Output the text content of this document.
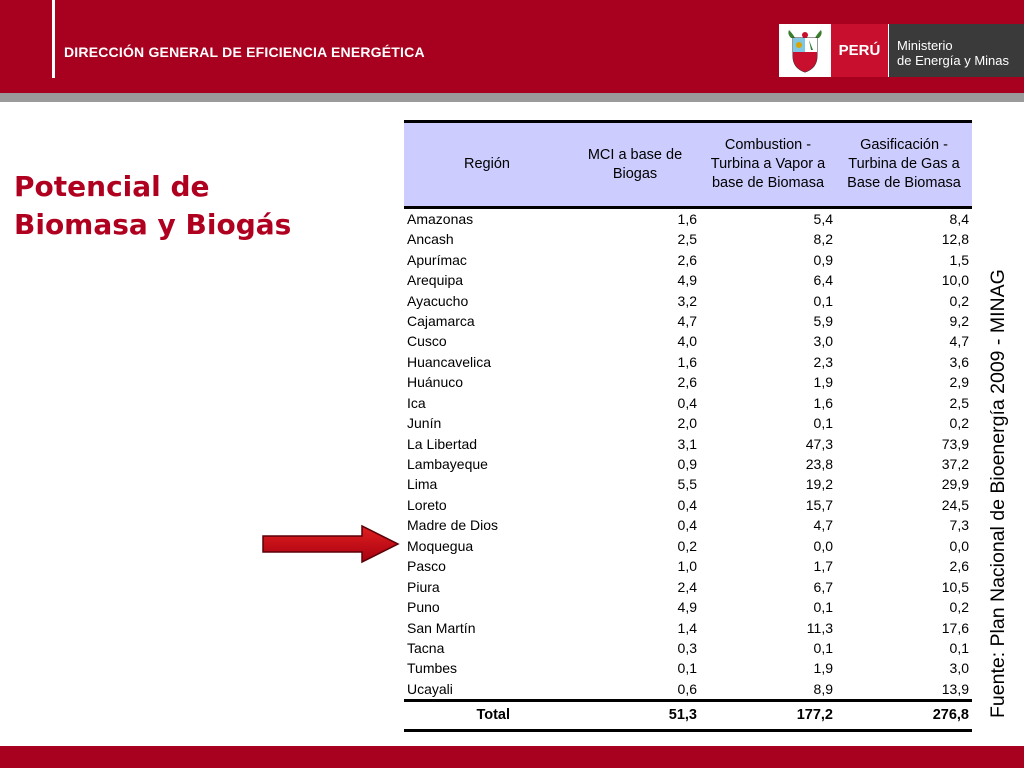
DIRECCIÓN GENERAL DE EFICIENCIA ENERGÉTICA	PERÚ	Ministerio
de Energía y Minas
Potencial de
Biomasa y Biogás
Región	MCI a base de Biogas	Combustion - Turbina a Vapor a base de Biomasa	Gasificación - Turbina de Gas a Base de Biomasa
Amazonas	1,6	5,4	8,4
Ancash	2,5	8,2	12,8
Apurímac	2,6	0,9	1,5
Arequipa	4,9	6,4	10,0
Ayacucho	3,2	0,1	0,2
Cajamarca	4,7	5,9	9,2
Cusco	4,0	3,0	4,7
Huancavelica	1,6	2,3	3,6
Huánuco	2,6	1,9	2,9
Ica	0,4	1,6	2,5
Junín	2,0	0,1	0,2
La Libertad	3,1	47,3	73,9
Lambayeque	0,9	23,8	37,2
Lima	5,5	19,2	29,9
Loreto	0,4	15,7	24,5
Madre de Dios	0,4	4,7	7,3
Moquegua	0,2	0,0	0,0
Pasco	1,0	1,7	2,6
Piura	2,4	6,7	10,5
Puno	4,9	0,1	0,2
San Martín	1,4	11,3	17,6
Tacna	0,3	0,1	0,1
Tumbes	0,1	1,9	3,0
Ucayali	0,6	8,9	13,9
Total	51,3	177,2	276,8 Fuente: Plan Nacional de Bioenergía 2009 - MINAG
